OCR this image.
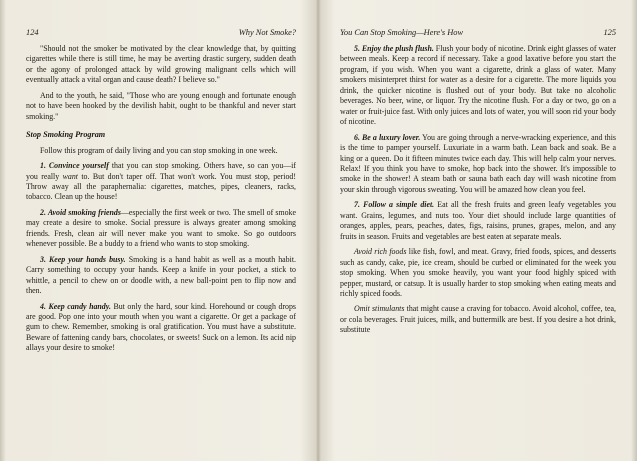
124	Why Not Smoke?

"Should not the smoker be motivated by the clear knowledge that, by quitting cigarettes while there is still time, he may be averting drastic surgery, sudden death or the agony of prolonged attack by wild growing malignant cells which will eventually attack a vital organ and cause death? I believe so."

And to the youth, he said, "Those who are young enough and fortunate enough not to have been hooked by the devilish habit, ought to be thankful and never start smoking."

Stop Smoking Program

Follow this program of daily living and you can stop smoking in one week.

1. Convince yourself that you can stop smoking. Others have, so can you—if you really want to. But don't taper off. That won't work. You must stop, period! Throw away all the paraphernalia: cigarettes, matches, pipes, cleaners, racks, tobacco. Clean up the house!

2. Avoid smoking friends—especially the first week or two. The smell of smoke may create a desire to smoke. Social pressure is always greater among smoking friends. Fresh, clean air will never make you want to smoke. So go outdoors whenever possible. Be a buddy to a friend who wants to stop smoking.

3. Keep your hands busy. Smoking is a hand habit as well as a mouth habit. Carry something to occupy your hands. Keep a knife in your pocket, a stick to whittle, a pencil to chew on or doodle with, a new ball-point pen to flip now and then.

4. Keep candy handy. But only the hard, sour kind. Horehound or cough drops are good. Pop one into your mouth when you want a cigarette. Or get a package of gum to chew. Remember, smoking is oral gratification. You must have a substitute. Beware of fattening candy bars, chocolates, or sweets! Suck on a lemon. Its acid nip allays your desire to smoke!

You Can Stop Smoking—Here's How	125

5. Enjoy the plush flush. Flush your body of nicotine. Drink eight glasses of water between meals. Keep a record if necessary. Take a good laxative before you start the program, if you wish. When you want a cigarette, drink a glass of water. Many smokers misinterpret thirst for water as a desire for a cigarette. The more liquids you drink, the quicker nicotine is flushed out of your body. But take no alcoholic beverages. No beer, wine, or liquor. Try the nicotine flush. For a day or two, go on a water or fruit-juice fast. With only juices and lots of water, you will soon rid your body of nicotine.

6. Be a luxury lover. You are going through a nerve-wracking experience, and this is the time to pamper yourself. Luxuriate in a warm bath. Lean back and soak. Be a king or a queen. Do it fifteen minutes twice each day. This will help calm your nerves. Relax! If you think you have to smoke, hop back into the shower. It's impossible to smoke in the shower! A steam bath or sauna bath each day will wash nicotine from your skin through vigorous sweating. You will be amazed how clean you feel.

7. Follow a simple diet. Eat all the fresh fruits and green leafy vegetables you want. Grains, legumes, and nuts too. Your diet should include large quantities of oranges, apples, pears, peaches, dates, figs, raisins, prunes, grapes, melon, and any fruits in season. Fruits and vegetables are best eaten at separate meals.

Avoid rich foods like fish, fowl, and meat. Gravy, fried foods, spices, and desserts such as candy, cake, pie, ice cream, should be curbed or eliminated for the week you stop smoking. When you smoke heavily, you want your food highly spiced with pepper, mustard, or catsup. It is usually harder to stop smoking when eating meats and richly spiced foods.

Omit stimulants that might cause a craving for tobacco. Avoid alcohol, coffee, tea, or cola beverages. Fruit juices, milk, and buttermilk are best. If you desire a hot drink, substitute
